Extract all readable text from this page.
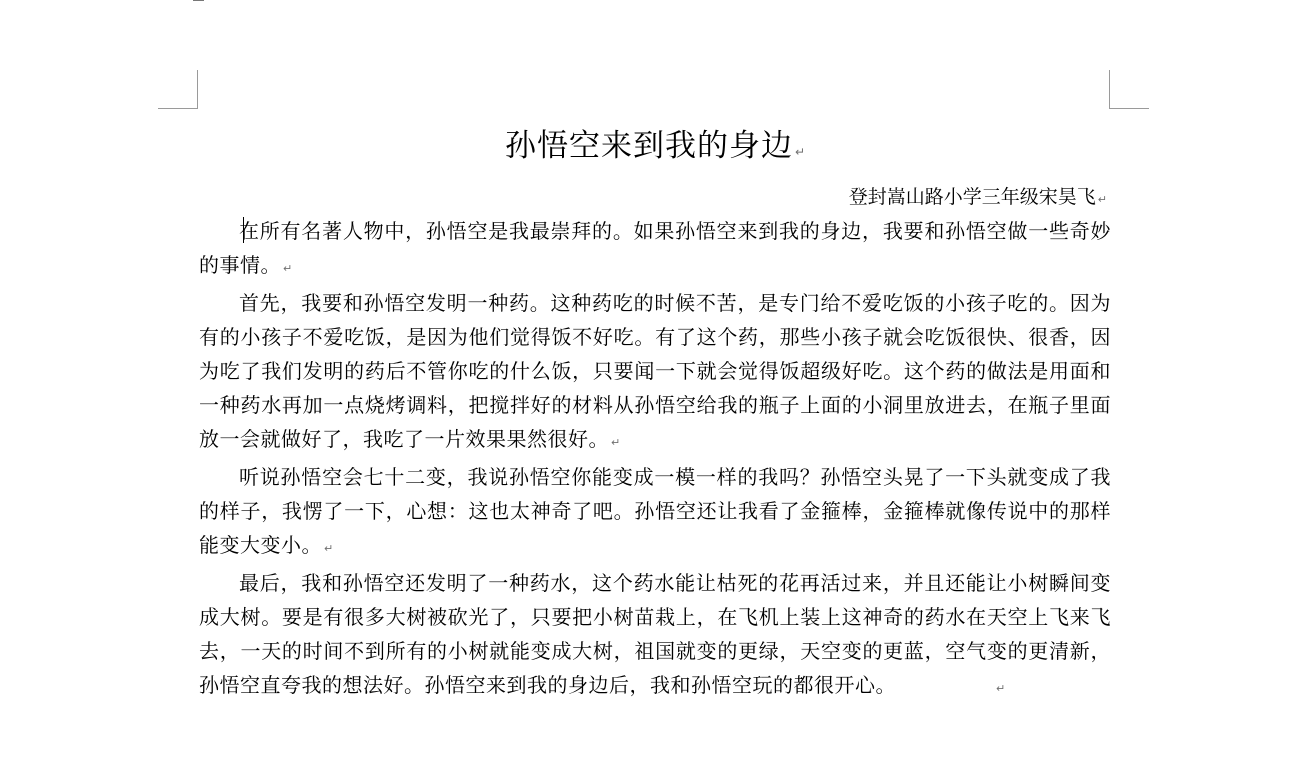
孙悟空来到我的身边 ↵
登封嵩山路小学三年级宋昊飞 ↵

在所有名著人物中，孙悟空是我最崇拜的。如果孙悟空来到我的身边，我要和孙悟空做一些奇妙的事情。 ↵

首先，我要和孙悟空发明一种药。这种药吃的时候不苦，是专门给不爱吃饭的小孩子吃的。因为有的小孩子不爱吃饭，是因为他们觉得饭不好吃。有了这个药，那些小孩子就会吃饭很快、很香，因为吃了我们发明的药后不管你吃的什么饭，只要闻一下就会觉得饭超级好吃。这个药的做法是用面和一种药水再加一点烧烤调料，把搅拌好的材料从孙悟空给我的瓶子上面的小洞里放进去，在瓶子里面放一会就做好了，我吃了一片效果果然很好。 ↵

听说孙悟空会七十二变，我说孙悟空你能变成一模一样的我吗？孙悟空头晃了一下头就变成了我的样子，我愣了一下，心想：这也太神奇了吧。孙悟空还让我看了金箍棒，金箍棒就像传说中的那样能变大变小。 ↵

最后，我和孙悟空还发明了一种药水，这个药水能让枯死的花再活过来，并且还能让小树瞬间变成大树。要是有很多大树被砍光了，只要把小树苗栽上，在飞机上装上这神奇的药水在天空上飞来飞去，一天的时间不到所有的小树就能变成大树，祖国就变的更绿，天空变的更蓝，空气变的更清新，孙悟空直夸我的想法好。孙悟空来到我的身边后，我和孙悟空玩的都很开心。	↵
